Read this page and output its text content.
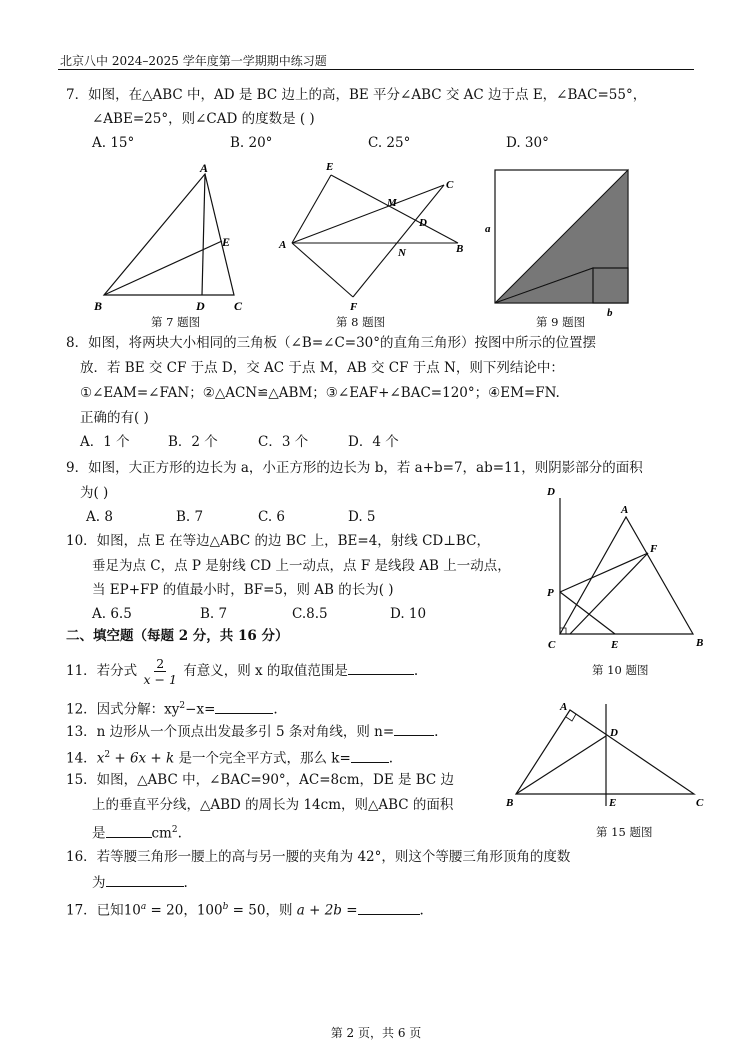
北京八中 2024–2025 学年度第一学期期中练习题
7．如图，在△ABC 中，AD 是 BC 边上的高，BE 平分∠ABC 交 AC 边于点 E，∠BAC=55°，
∠ABE=25°，则∠CAD 的度数是 ( )
A. 15°	B. 20°	C. 25°	D. 30°
A
E
B	D C
第 7 题图
E
C
M
D
A
N	B
F
第 8 题图
a
b
第 9 题图
8．如图，将两块大小相同的三角板（∠B=∠C=30°的直角三角形）按图中所示的位置摆
放．若 BE 交 CF 于点 D，交 AC 于点 M，AB 交 CF 于点 N，则下列结论中：
①∠EAM=∠FAN；②△ACN≌△ABM；③∠EAF+∠BAC=120°；④EM=FN.
正确的有( )
A．1 个	B．2 个	C．3 个	D．4 个
9．如图，大正方形的边长为 a，小正方形的边长为 b，若 a+b=7，ab=11，则阴影部分的面积
为( )
A. 8	B. 7	C. 6	D. 5
10．如图，点 E 在等边△ABC 的边 BC 上，BE=4，射线 CD⊥BC，
垂足为点 C，点 P 是射线 CD 上一动点，点 F 是线段 AB 上一动点，
当 EP+FP 的值最小时，BF=5，则 AB 的长为( )
A. 6.5	B. 7	C.8.5	D. 10
D
A
F
P
C	E	B
第 10 题图
二、填空题（每题 2 分，共 16 分）
11．若分式 $\frac{2}{x - 1}$ 有意义，则 x 的取值范围是	.
12．因式分解：$xy^2-x=$	.
13．n 边形从一个顶点出发最多引 5 条对角线，则 n=	.
14．$x^2 + 6x + k$ 是一个完全平方式，那么 k=	.
15．如图，△ABC 中，∠BAC=90°，AC=8cm，DE 是 BC 边
上的垂直平分线，△ABD 的周长为 14cm，则△ABC 的面积
是	$cm^2$.
A
D
B	E	C
第 15 题图
16．若等腰三角形一腰上的高与另一腰的夹角为 42°，则这个等腰三角形顶角的度数
为	.
17．已知$10^a = 20$，$100^b = 50$，则 a + 2b =	.
第 2 页，共 6 页
